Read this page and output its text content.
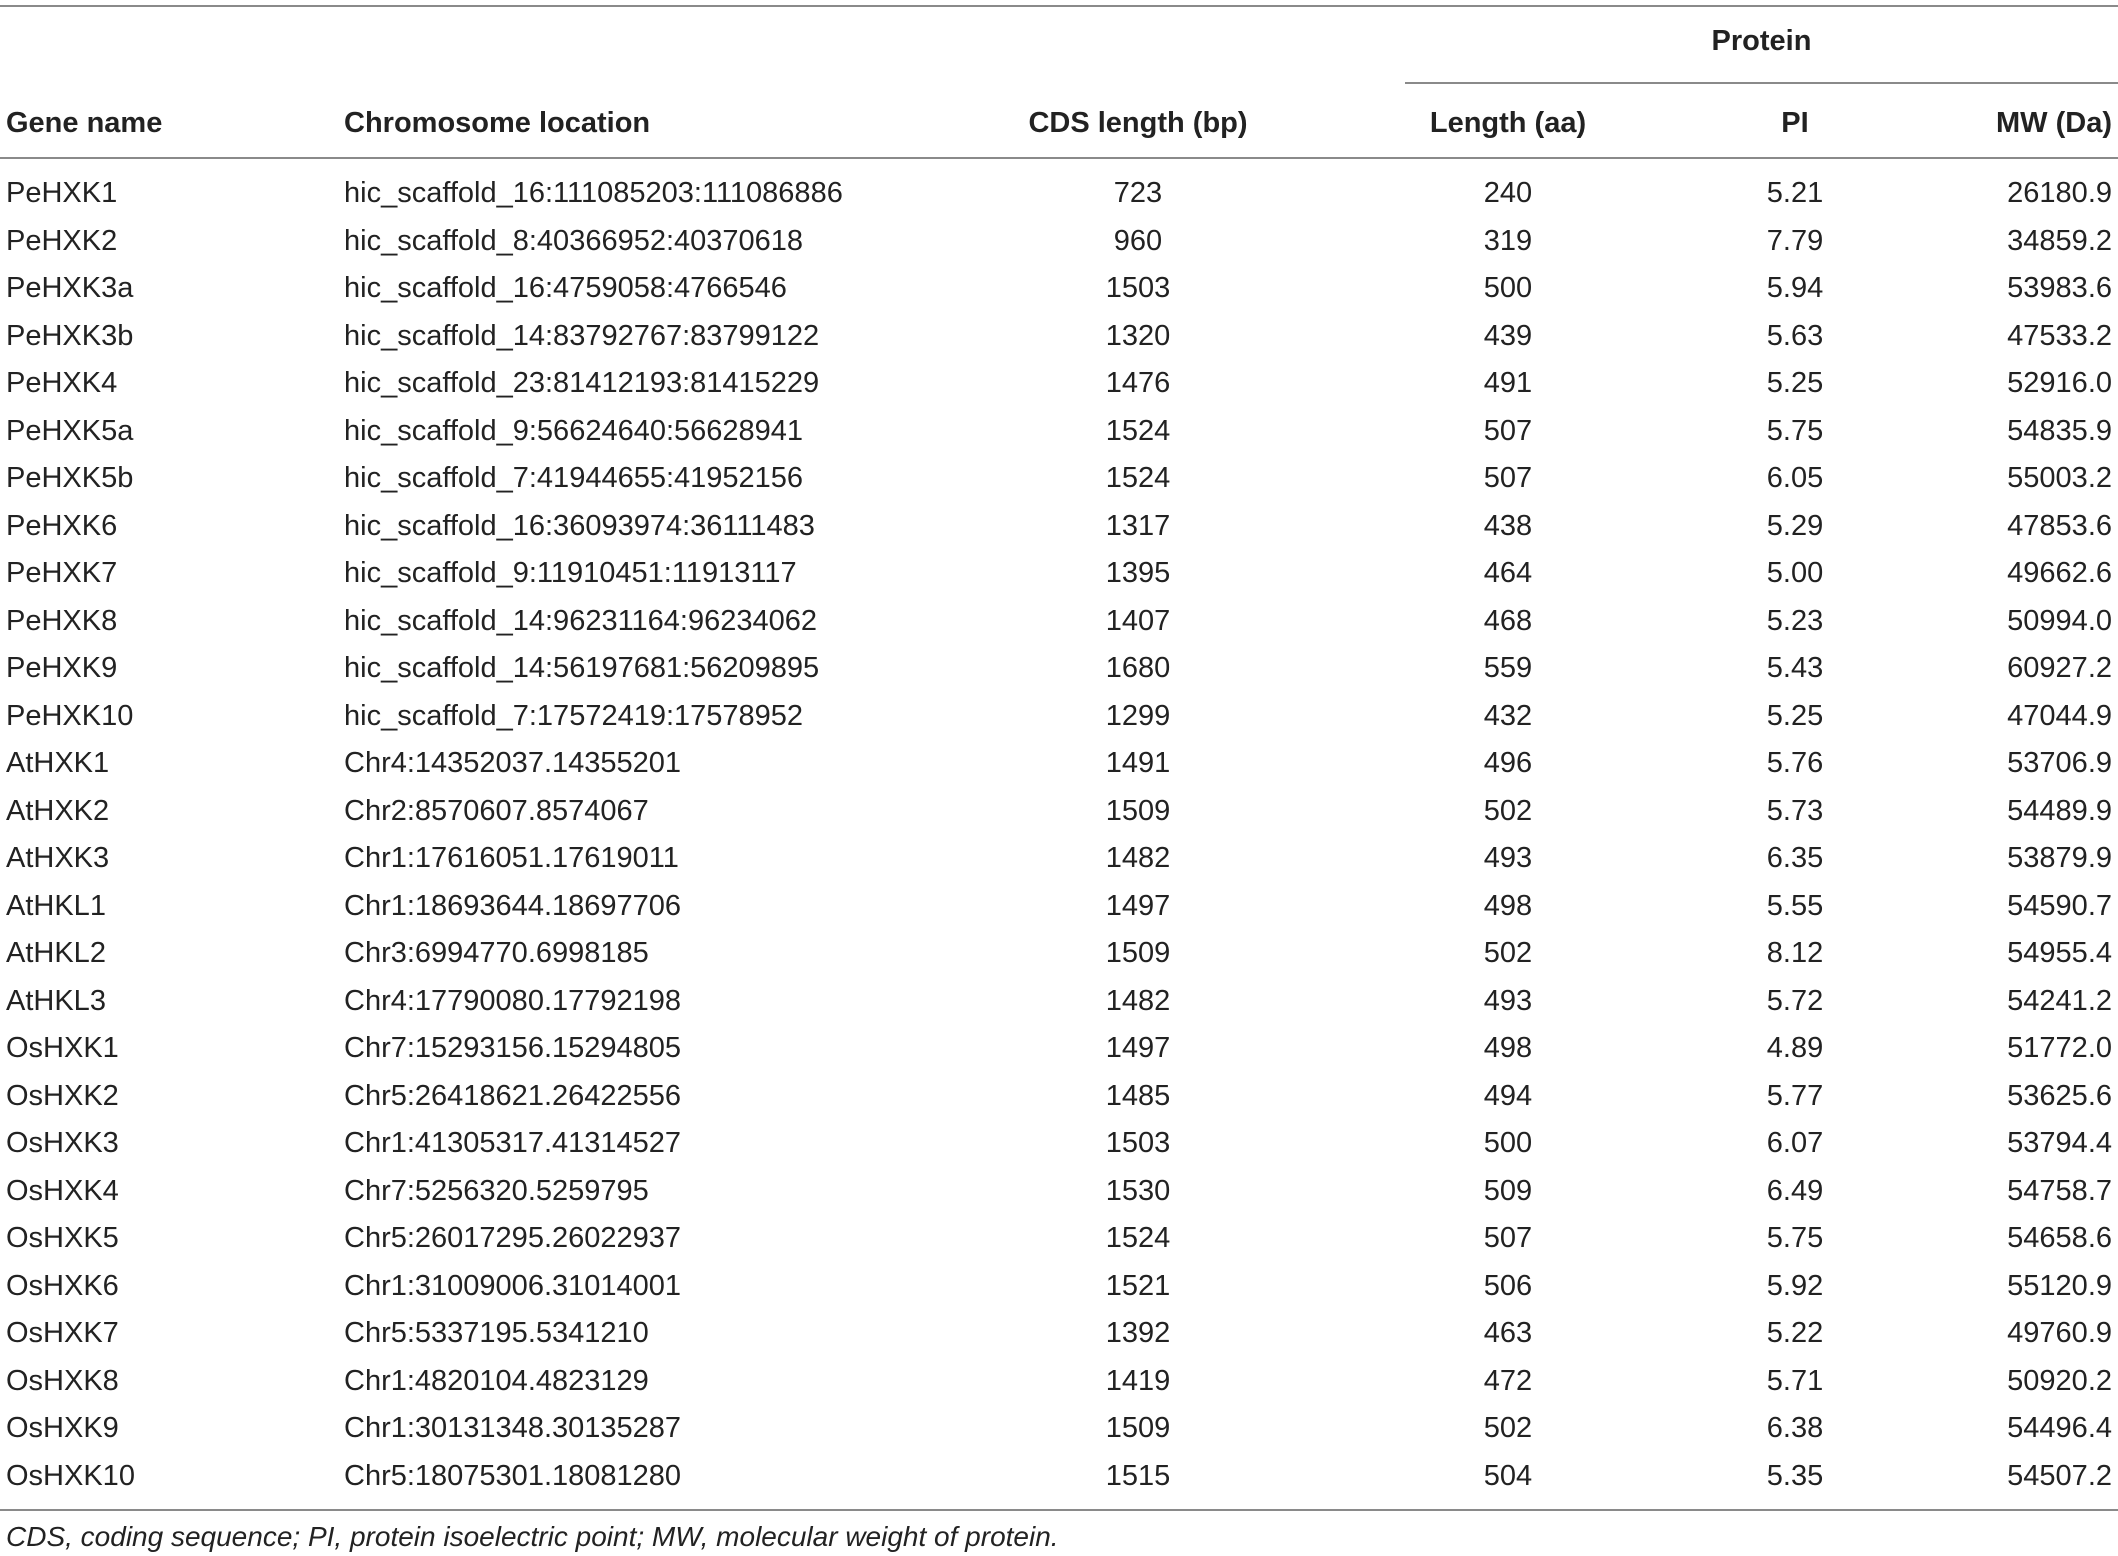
Protein
Gene name	Chromosome location	CDS length (bp)	Length (aa)	PI	MW (Da)
PeHXK1	hic_scaffold_16:111085203:111086886	723	240	5.21	26180.9
PeHXK2	hic_scaffold_8:40366952:40370618	960	319	7.79	34859.2
PeHXK3a	hic_scaffold_16:4759058:4766546	1503	500	5.94	53983.6
PeHXK3b	hic_scaffold_14:83792767:83799122	1320	439	5.63	47533.2
PeHXK4	hic_scaffold_23:81412193:81415229	1476	491	5.25	52916.0
PeHXK5a	hic_scaffold_9:56624640:56628941	1524	507	5.75	54835.9
PeHXK5b	hic_scaffold_7:41944655:41952156	1524	507	6.05	55003.2
PeHXK6	hic_scaffold_16:36093974:36111483	1317	438	5.29	47853.6
PeHXK7	hic_scaffold_9:11910451:11913117	1395	464	5.00	49662.6
PeHXK8	hic_scaffold_14:96231164:96234062	1407	468	5.23	50994.0
PeHXK9	hic_scaffold_14:56197681:56209895	1680	559	5.43	60927.2
PeHXK10	hic_scaffold_7:17572419:17578952	1299	432	5.25	47044.9
AtHXK1	Chr4:14352037.14355201	1491	496	5.76	53706.9
AtHXK2	Chr2:8570607.8574067	1509	502	5.73	54489.9
AtHXK3	Chr1:17616051.17619011	1482	493	6.35	53879.9
AtHKL1	Chr1:18693644.18697706	1497	498	5.55	54590.7
AtHKL2	Chr3:6994770.6998185	1509	502	8.12	54955.4
AtHKL3	Chr4:17790080.17792198	1482	493	5.72	54241.2
OsHXK1	Chr7:15293156.15294805	1497	498	4.89	51772.0
OsHXK2	Chr5:26418621.26422556	1485	494	5.77	53625.6
OsHXK3	Chr1:41305317.41314527	1503	500	6.07	53794.4
OsHXK4	Chr7:5256320.5259795	1530	509	6.49	54758.7
OsHXK5	Chr5:26017295.26022937	1524	507	5.75	54658.6
OsHXK6	Chr1:31009006.31014001	1521	506	5.92	55120.9
OsHXK7	Chr5:5337195.5341210	1392	463	5.22	49760.9
OsHXK8	Chr1:4820104.4823129	1419	472	5.71	50920.2
OsHXK9	Chr1:30131348.30135287	1509	502	6.38	54496.4
OsHXK10	Chr5:18075301.18081280	1515	504	5.35	54507.2
CDS, coding sequence; PI, protein isoelectric point; MW, molecular weight of protein.
